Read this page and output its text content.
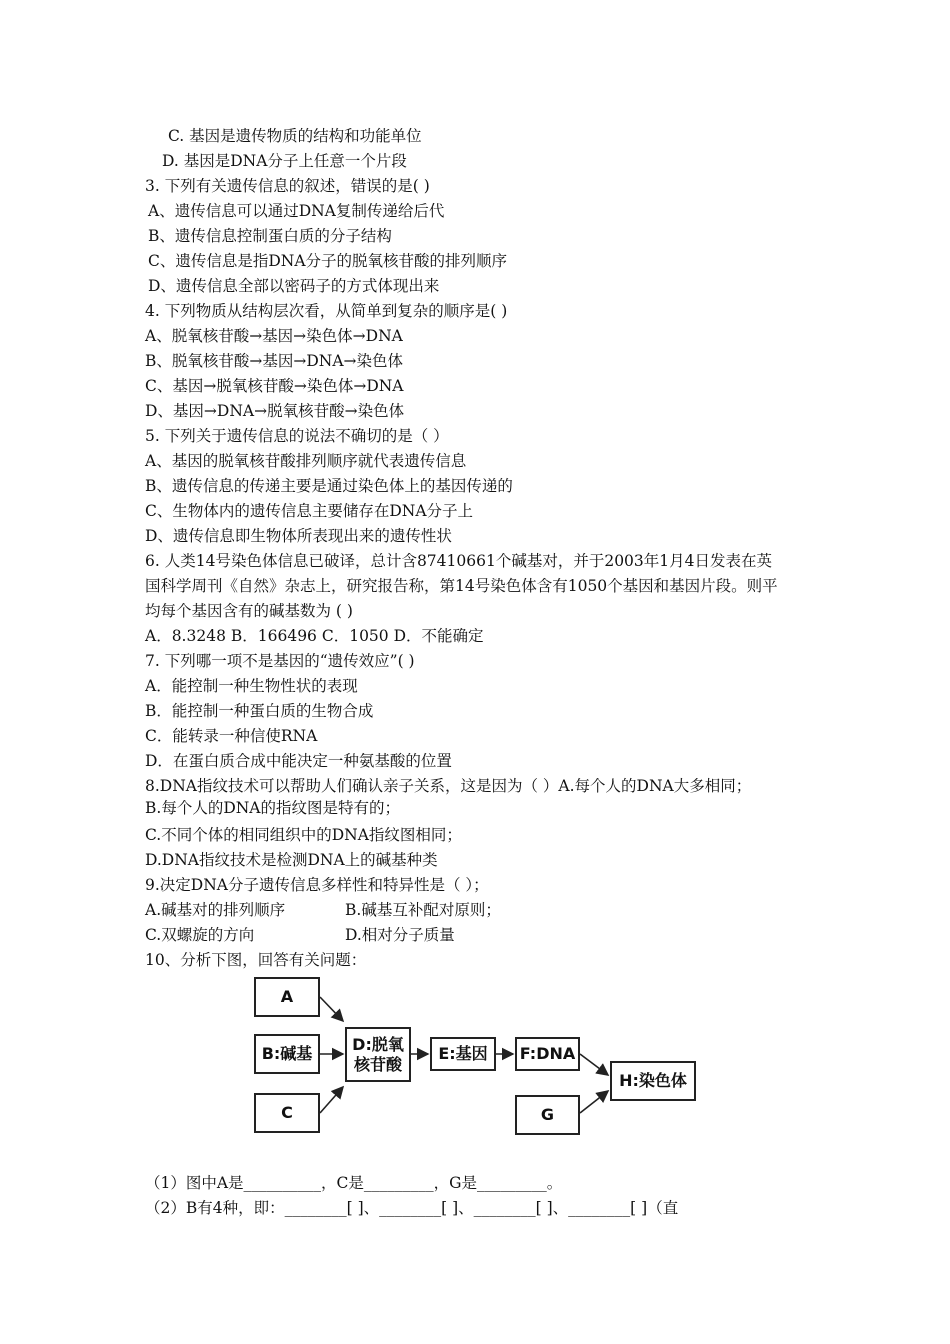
C. 基因是遗传物质的结构和功能单位
D. 基因是DNA分子上任意一个片段
3. 下列有关遗传信息的叙述，错误的是( )
A、遗传信息可以通过DNA复制传递给后代
B、遗传信息控制蛋白质的分子结构
C、遗传信息是指DNA分子的脱氧核苷酸的排列顺序
D、遗传信息全部以密码子的方式体现出来
4. 下列物质从结构层次看，从简单到复杂的顺序是( )
A、脱氧核苷酸→基因→染色体→DNA
B、脱氧核苷酸→基因→DNA→染色体
C、基因→脱氧核苷酸→染色体→DNA
D、基因→DNA→脱氧核苷酸→染色体
5. 下列关于遗传信息的说法不确切的是（ ）
A、基因的脱氧核苷酸排列顺序就代表遗传信息
B、遗传信息的传递主要是通过染色体上的基因传递的
C、生物体内的遗传信息主要储存在DNA分子上
D、遗传信息即生物体所表现出来的遗传性状
6. 人类14号染色体信息已破译，总计含87410661个碱基对，并于2003年1月4日发表在英
国科学周刊《自然》杂志上，研究报告称，第14号染色体含有1050个基因和基因片段。则平
均每个基因含有的碱基数为 ( )
A．8.3248 B．166496 C．1050 D．不能确定
7. 下列哪一项不是基因的“遗传效应”( )
A．能控制一种生物性状的表现
B．能控制一种蛋白质的生物合成
C．能转录一种信使RNA
D．在蛋白质合成中能决定一种氨基酸的位置
8.DNA指纹技术可以帮助人们确认亲子关系，这是因为（ ）A.每个人的DNA大多相同；
B.每个人的DNA的指纹图是特有的；
C.不同个体的相同组织中的DNA指纹图相同；
D.DNA指纹技术是检测DNA上的碱基种类
9.决定DNA分子遗传信息多样性和特异性是（ ）；
A.碱基对的排列顺序	B.碱基互补配对原则；
C.双螺旋的方向	D.相对分子质量
10、分析下图，回答有关问题：
（1）图中A是__________，C是_________，G是_________。
（2）B有4种，即：________[ ]、________[ ]、________[ ]、________[ ]（直
A
B:碱基
C
D:脱氧
核苷酸
E:基因 F:DNA
G
H:染色体
